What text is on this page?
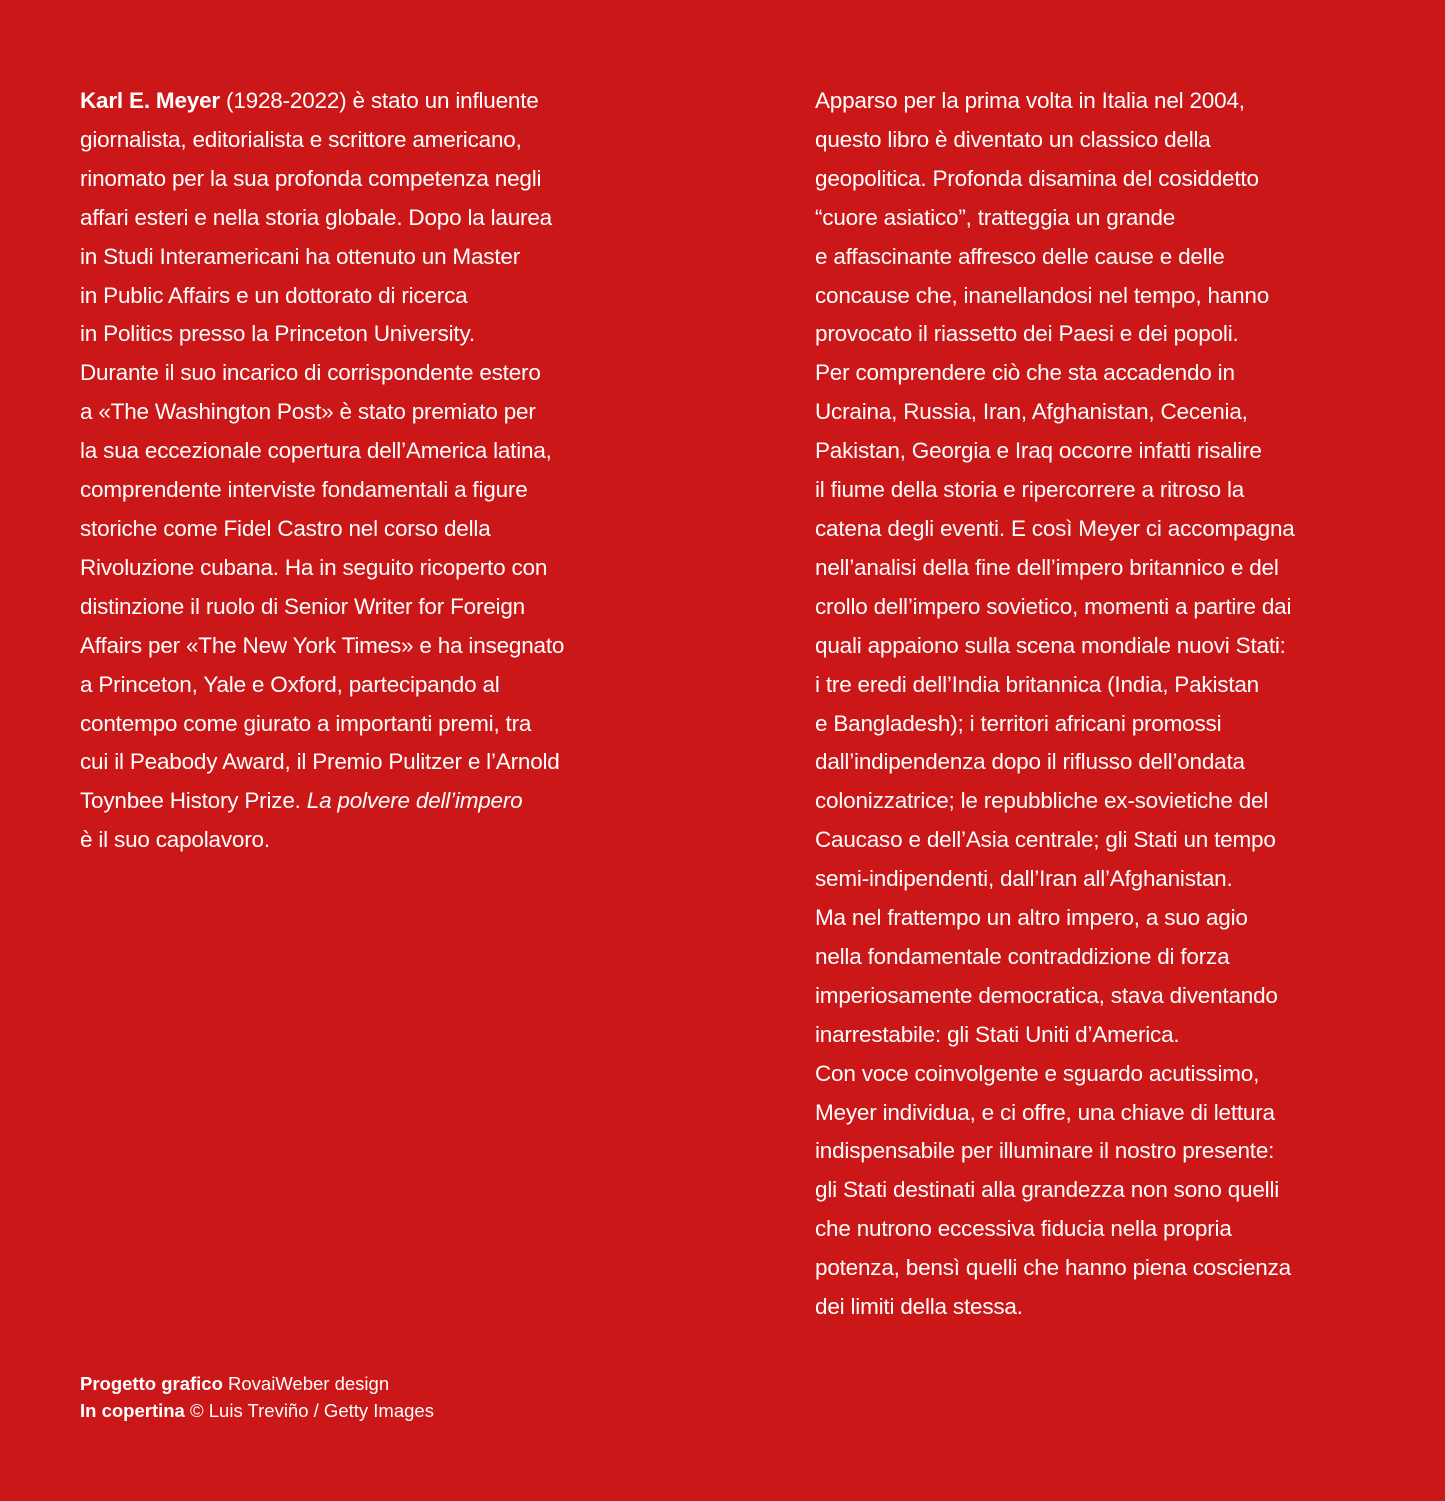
Karl E. Meyer (1928-2022) è stato un influente
giornalista, editorialista e scrittore americano,
rinomato per la sua profonda competenza negli
affari esteri e nella storia globale. Dopo la laurea
in Studi Interamericani ha ottenuto un Master
in Public Affairs e un dottorato di ricerca
in Politics presso la Princeton University.
Durante il suo incarico di corrispondente estero
a «The Washington Post» è stato premiato per
la sua eccezionale copertura dell’America latina,
comprendente interviste fondamentali a figure
storiche come Fidel Castro nel corso della
Rivoluzione cubana. Ha in seguito ricoperto con
distinzione il ruolo di Senior Writer for Foreign
Affairs per «The New York Times» e ha insegnato
a Princeton, Yale e Oxford, partecipando al
contempo come giurato a importanti premi, tra
cui il Peabody Award, il Premio Pulitzer e l’Arnold
Toynbee History Prize. La polvere dell’impero
è il suo capolavoro.
Apparso per la prima volta in Italia nel 2004,
questo libro è diventato un classico della
geopolitica. Profonda disamina del cosiddetto
“cuore asiatico”, tratteggia un grande
e affascinante affresco delle cause e delle
concause che, inanellandosi nel tempo, hanno
provocato il riassetto dei Paesi e dei popoli.
Per comprendere ciò che sta accadendo in
Ucraina, Russia, Iran, Afghanistan, Cecenia,
Pakistan, Georgia e Iraq occorre infatti risalire
il fiume della storia e ripercorrere a ritroso la
catena degli eventi. E così Meyer ci accompagna
nell’analisi della fine dell’impero britannico e del
crollo dell’impero sovietico, momenti a partire dai
quali appaiono sulla scena mondiale nuovi Stati:
i tre eredi dell’India britannica (India, Pakistan
e Bangladesh); i territori africani promossi
dall’indipendenza dopo il riflusso dell’ondata
colonizzatrice; le repubbliche ex-sovietiche del
Caucaso e dell’Asia centrale; gli Stati un tempo
semi-indipendenti, dall’Iran all’Afghanistan.
Ma nel frattempo un altro impero, a suo agio
nella fondamentale contraddizione di forza
imperiosamente democratica, stava diventando
inarrestabile: gli Stati Uniti d’America.
Con voce coinvolgente e sguardo acutissimo,
Meyer individua, e ci offre, una chiave di lettura
indispensabile per illuminare il nostro presente:
gli Stati destinati alla grandezza non sono quelli
che nutrono eccessiva fiducia nella propria
potenza, bensì quelli che hanno piena coscienza
dei limiti della stessa.
Progetto grafico RovaiWeber design
In copertina © Luis Treviño / Getty Images
